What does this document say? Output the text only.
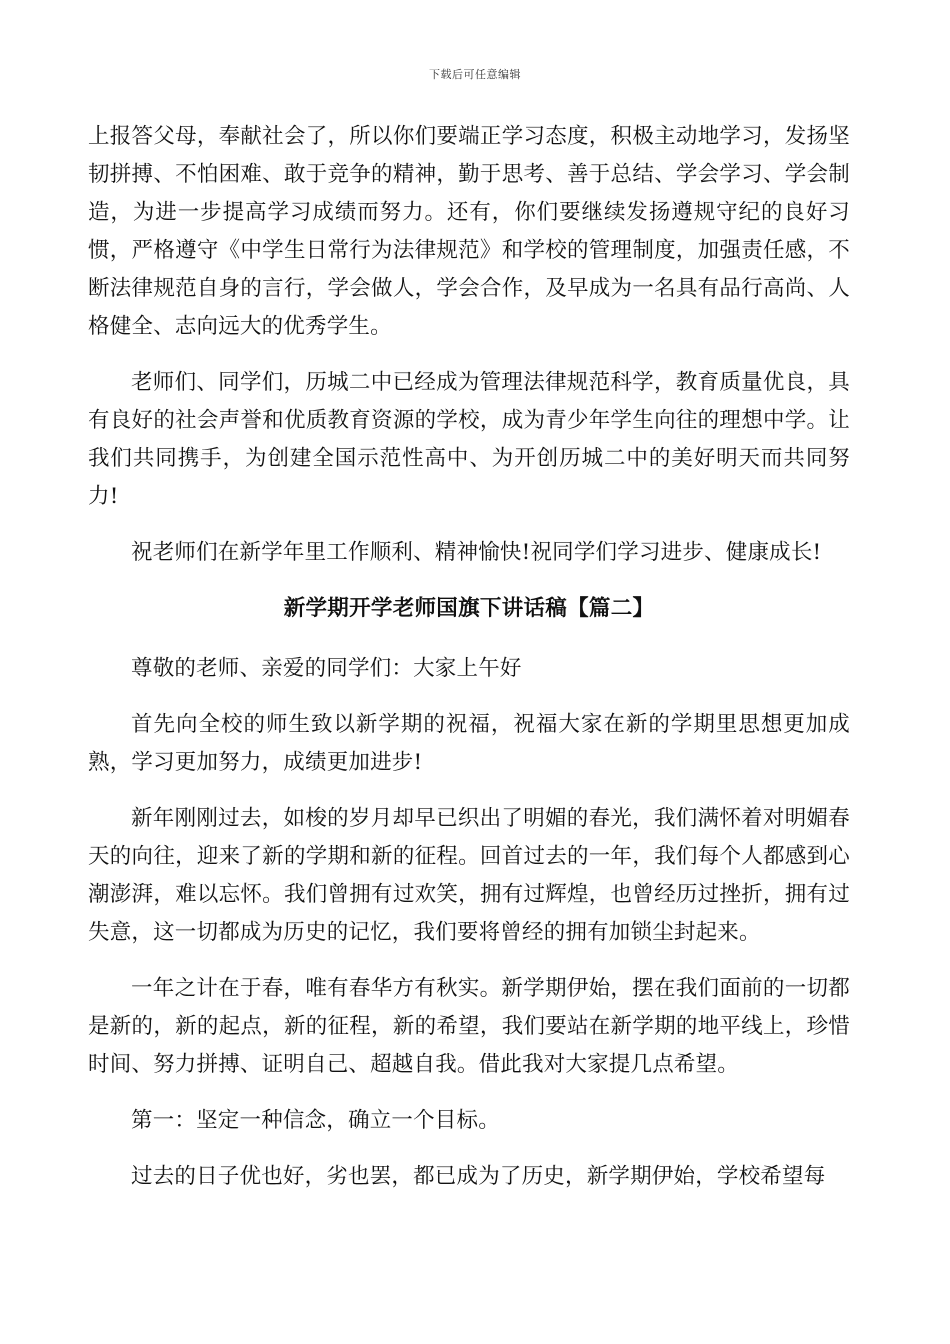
下载后可任意编辑

上报答父母，奉献社会了，所以你们要端正学习态度，积极主动地学习，发扬坚韧拼搏、不怕困难、敢于竞争的精神，勤于思考、善于总结、学会学习、学会制造，为进一步提高学习成绩而努力。还有，你们要继续发扬遵规守纪的良好习惯，严格遵守《中学生日常行为法律规范》和学校的管理制度，加强责任感，不断法律规范自身的言行，学会做人，学会合作，及早成为一名具有品行高尚、人格健全、志向远大的优秀学生。

老师们、同学们，历城二中已经成为管理法律规范科学，教育质量优良，具有良好的社会声誉和优质教育资源的学校，成为青少年学生向往的理想中学。让我们共同携手，为创建全国示范性高中、为开创历城二中的美好明天而共同努力!

祝老师们在新学年里工作顺利、精神愉快!祝同学们学习进步、健康成长!

新学期开学老师国旗下讲话稿【篇二】

尊敬的老师、亲爱的同学们：大家上午好

首先向全校的师生致以新学期的祝福，祝福大家在新的学期里思想更加成熟，学习更加努力，成绩更加进步!

新年刚刚过去，如梭的岁月却早已织出了明媚的春光，我们满怀着对明媚春天的向往，迎来了新的学期和新的征程。回首过去的一年，我们每个人都感到心潮澎湃，难以忘怀。我们曾拥有过欢笑，拥有过辉煌，也曾经历过挫折，拥有过失意，这一切都成为历史的记忆，我们要将曾经的拥有加锁尘封起来。

一年之计在于春，唯有春华方有秋实。新学期伊始，摆在我们面前的一切都是新的，新的起点，新的征程，新的希望，我们要站在新学期的地平线上，珍惜时间、努力拼搏、证明自己、超越自我。借此我对大家提几点希望。

第一：坚定一种信念，确立一个目标。

过去的日子优也好，劣也罢，都已成为了历史，新学期伊始，学校希望每
